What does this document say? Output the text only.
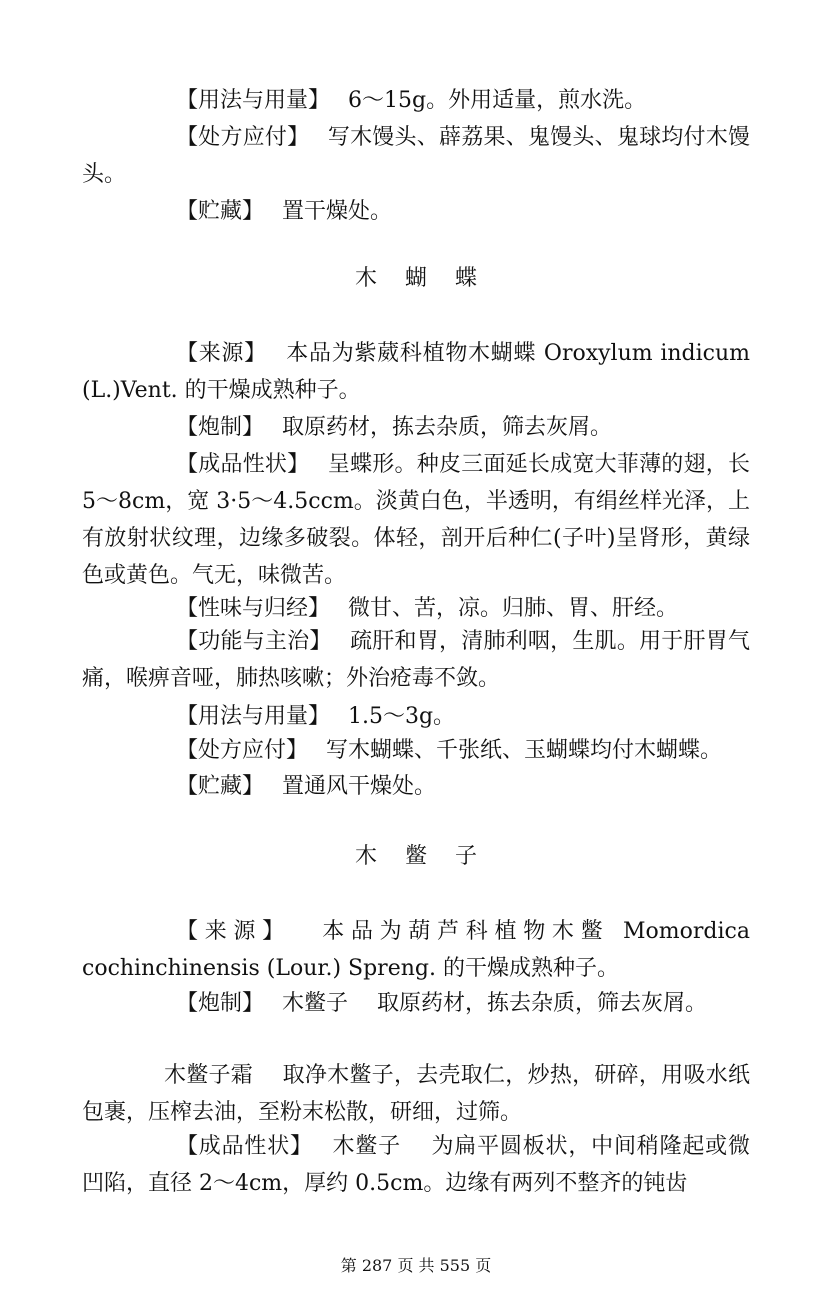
【用法与用量】　 6～15g。外用适量，煎水洗。

【处方应付】　 写木馒头、薜荔果、鬼馒头、鬼球均付木馒头。

【贮藏】　 置干燥处。

木 蝴 蝶

【来源】　 本品为紫葳科植物木蝴蝶 Oroxylum indicum (L.)Vent. 的干燥成熟种子。

【炮制】　 取原药材，拣去杂质，筛去灰屑。

【成品性状】　 呈蝶形。种皮三面延长成宽大菲薄的翅，长 5～8cm，宽 3·5～4.5ccm。淡黄白色，半透明，有绢丝样光泽，上有放射状纹理，边缘多破裂。体轻，剖开后种仁(子叶)呈肾形，黄绿色或黄色。气无，味微苦。

【性味与归经】　 微甘、苦，凉。归肺、胃、肝经。

【功能与主治】　 疏肝和胃，清肺利咽，生肌。用于肝胃气痛，喉痹音哑，肺热咳嗽；外治疮毒不敛。

【用法与用量】　 1.5～3g。

【处方应付】　 写木蝴蝶、千张纸、玉蝴蝶均付木蝴蝶。

【贮藏】　 置通风干燥处。

木 鳖 子

【来源】　 本品为葫芦科植物木鳖 Momordica cochinchinensis (Lour.) Spreng. 的干燥成熟种子。

【炮制】　 木鳖子　 取原药材，拣去杂质，筛去灰屑。

木鳖子霜　 取净木鳖子，去壳取仁，炒热，研碎，用吸水纸包裹，压榨去油，至粉末松散，研细，过筛。

【成品性状】　 木鳖子　 为扁平圆板状，中间稍隆起或微凹陷，直径 2～4cm，厚约 0.5cm。边缘有两列不整齐的钝齿

第 287 页 共 555 页
